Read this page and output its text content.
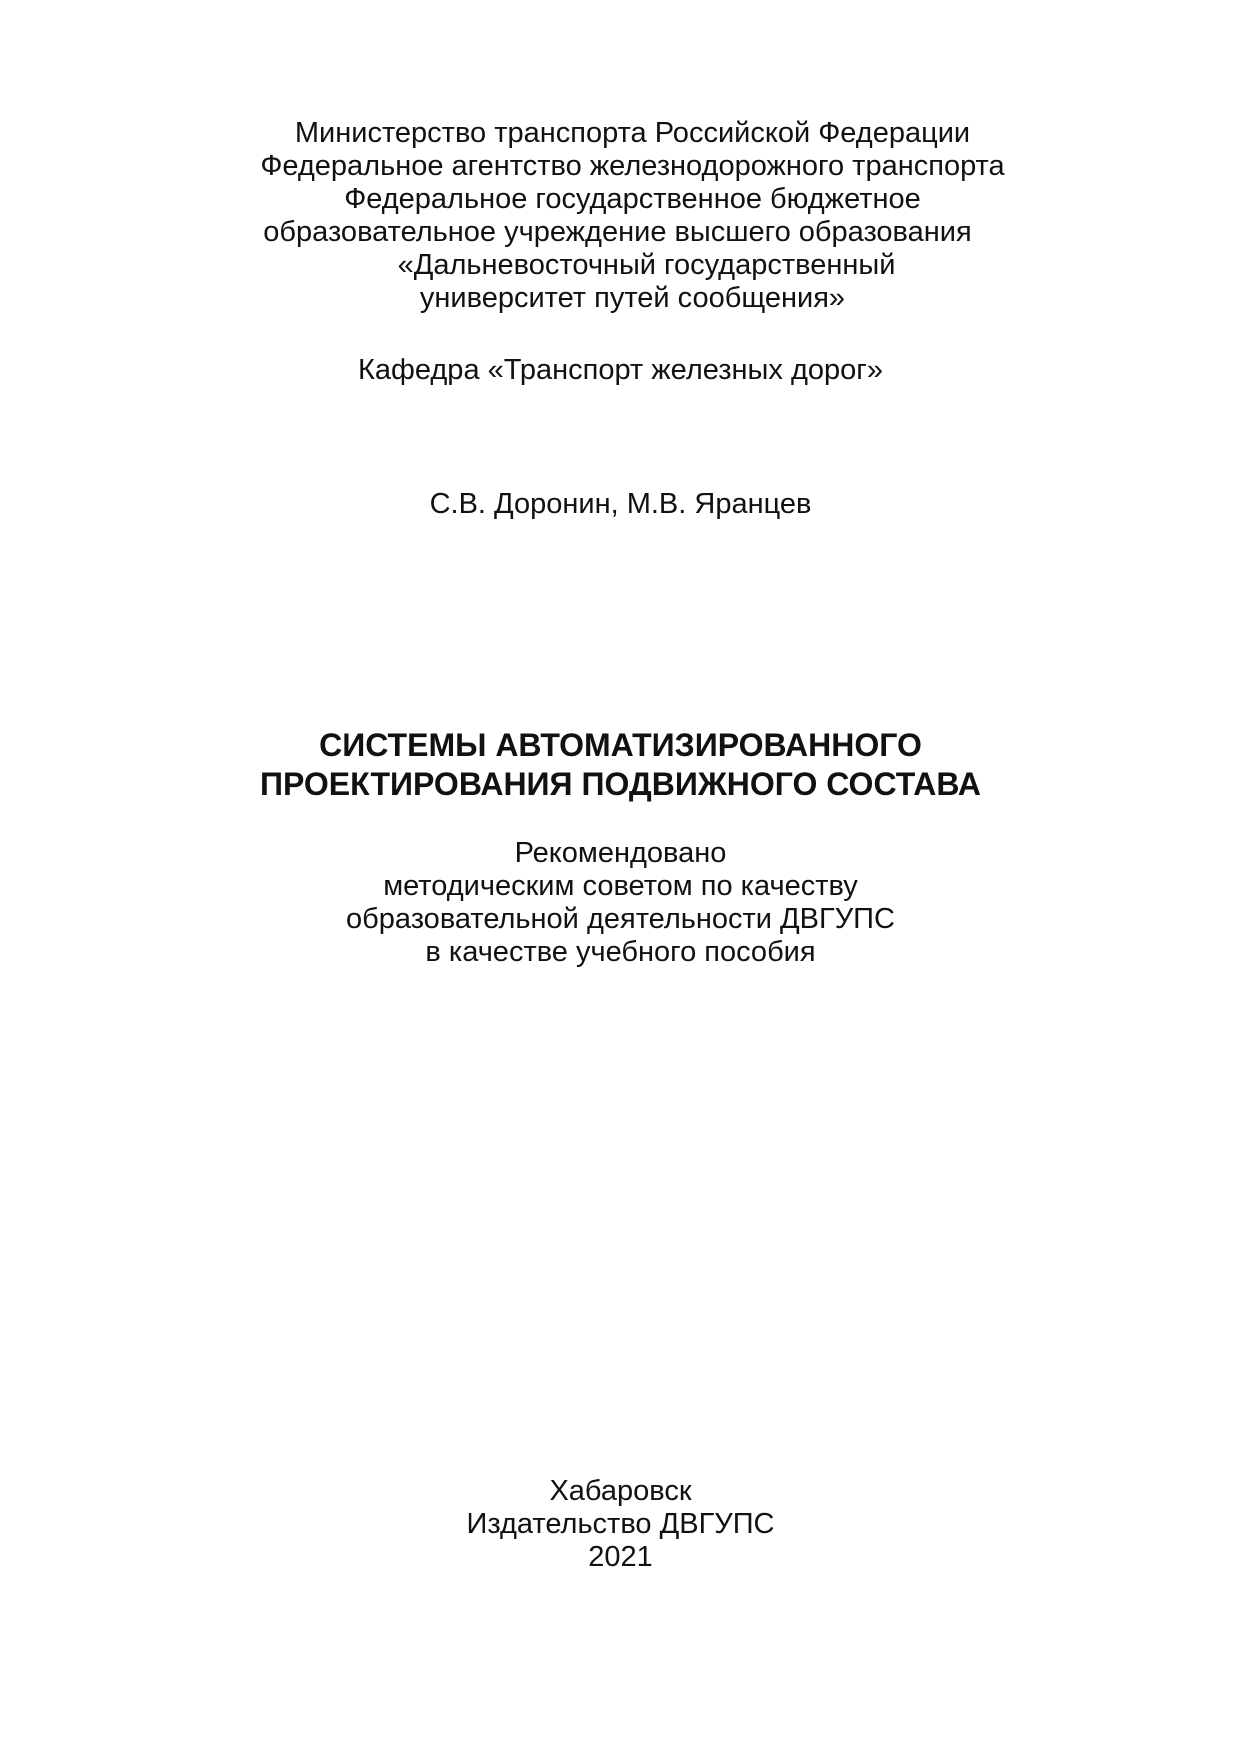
Министерство транспорта Российской Федерации
Федеральное агентство железнодорожного транспорта
Федеральное государственное бюджетное
образовательное учреждение высшего образования
«Дальневосточный государственный
университет путей сообщения»
Кафедра «Транспорт железных дорог»
С.В. Доронин, М.В. Яранцев
СИСТЕМЫ АВТОМАТИЗИРОВАННОГО
ПРОЕКТИРОВАНИЯ ПОДВИЖНОГО СОСТАВА
Рекомендовано
методическим советом по качеству
образовательной деятельности ДВГУПС
в качестве учебного пособия
Хабаровск
Издательство ДВГУПС
2021
